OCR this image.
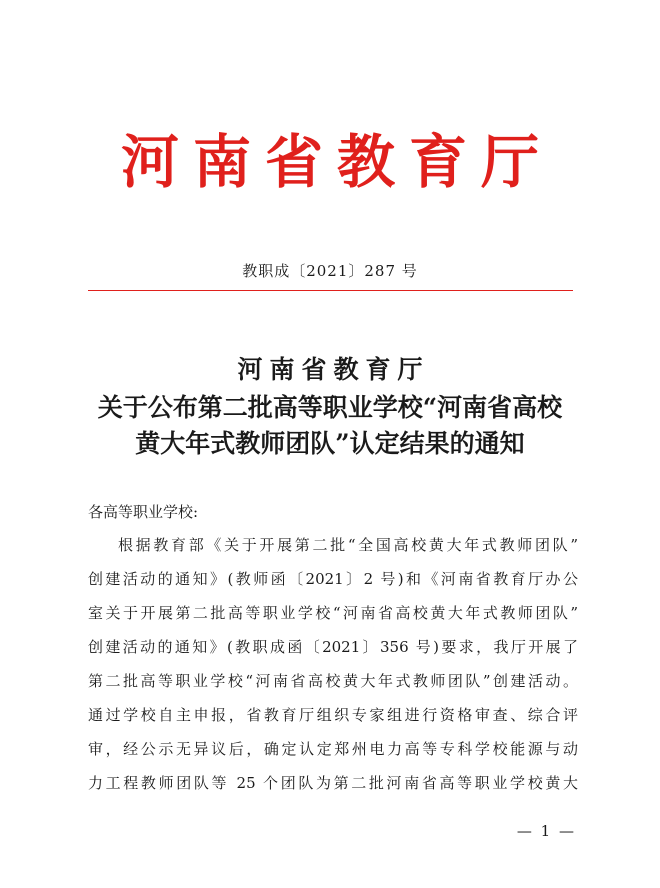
河南省教育厅
教职成〔2021〕287 号
河南省教育厅
关于公布第二批高等职业学校“河南省高校
黄大年式教师团队”认定结果的通知
各高等职业学校:
根据教育部《关于开展第二批“全国高校黄大年式教师团队”
创建活动的通知》(教师函〔2021〕2 号)和《河南省教育厅办公
室关于开展第二批高等职业学校“河南省高校黄大年式教师团队”
创建活动的通知》(教职成函〔2021〕356 号)要求，我厅开展了
第二批高等职业学校“河南省高校黄大年式教师团队”创建活动。
通过学校自主申报，省教育厅组织专家组进行资格审查、综合评
审，经公示无异议后，确定认定郑州电力高等专科学校能源与动
力工程教师团队等 25 个团队为第二批河南省高等职业学校黄大
— 1 —
